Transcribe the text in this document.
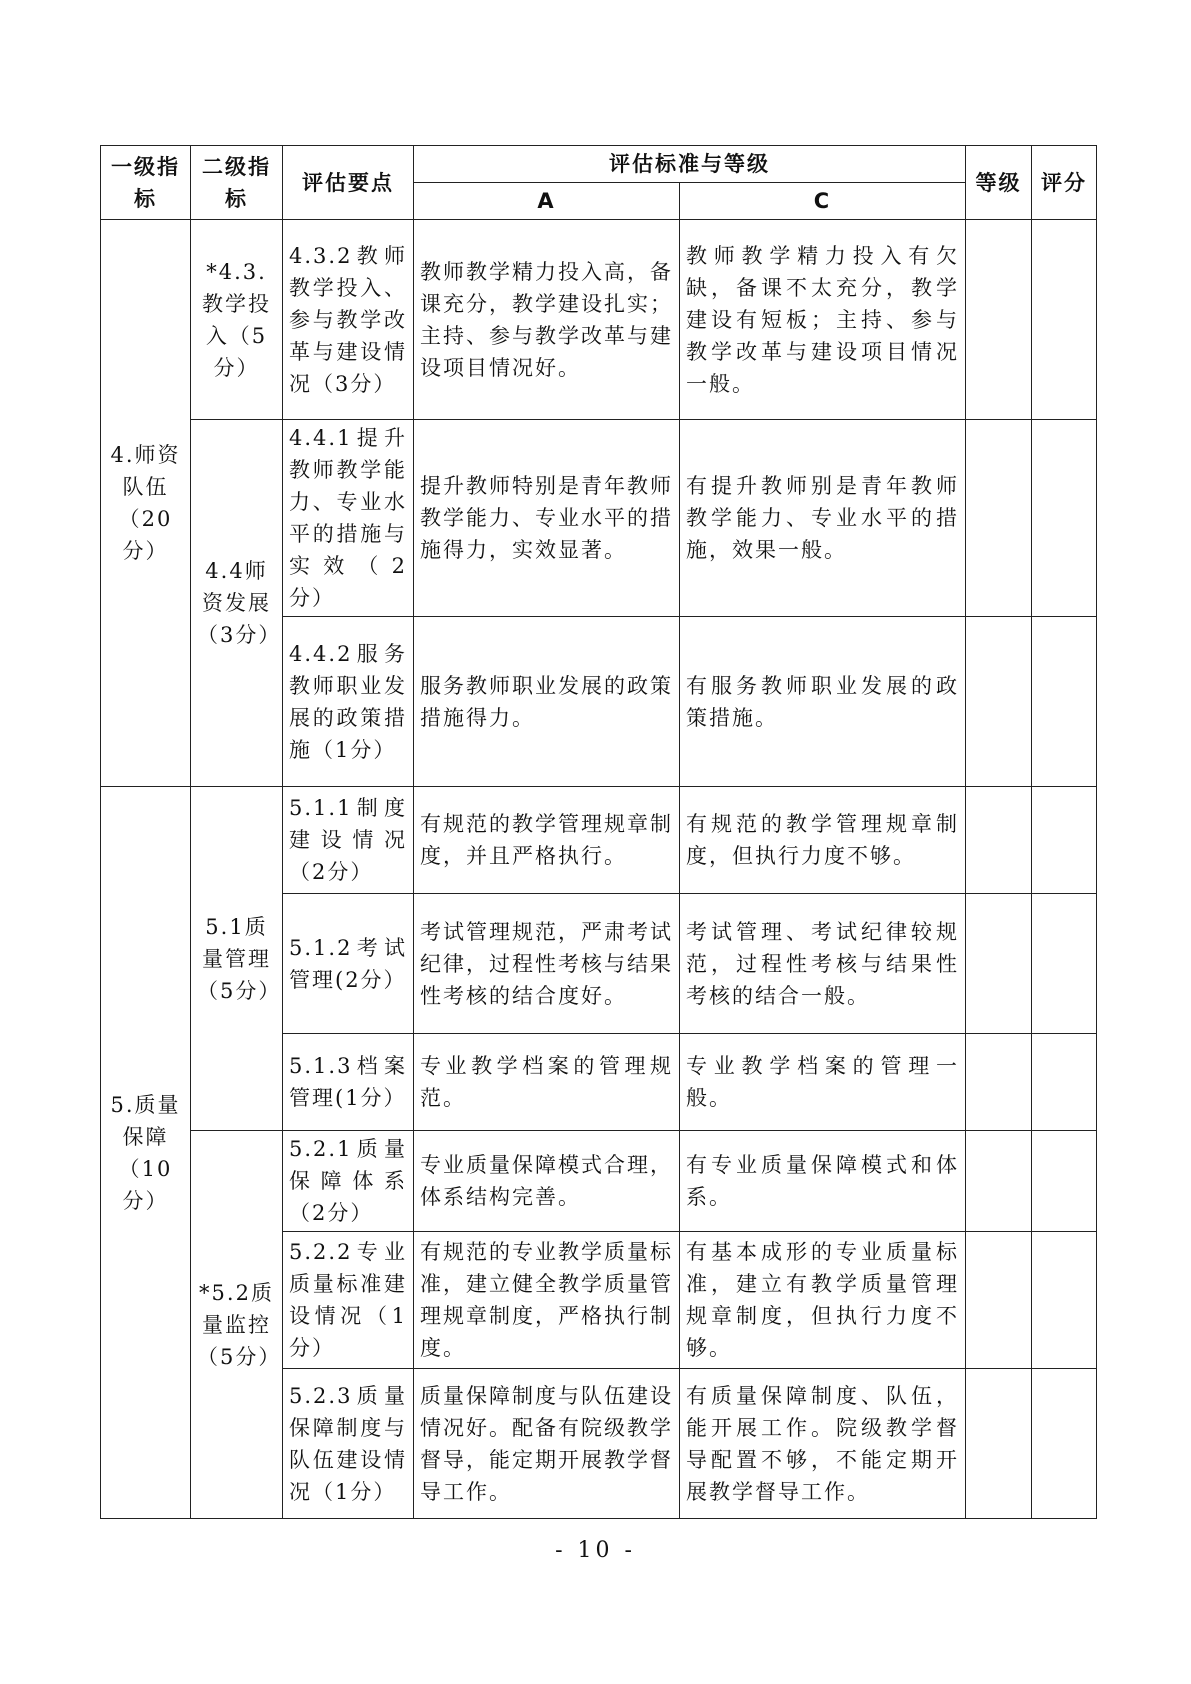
一级指标	二级指标	评估要点	评估标准与等级		等级	评分
			A	C		
4.师资队伍（20分）	*4.3.教学投入（5分）	4.3.2教师教学投入、参与教学改革与建设情况（3分）	教师教学精力投入高，备课充分，教学建设扎实；主持、参与教学改革与建设项目情况好。	教师教学精力投入有欠缺，备课不太充分，教学建设有短板；主持、参与教学改革与建设项目情况一般。		
	4.4师资发展（3分）	4.4.1提升教师教学能力、专业水平的措施与实效（2分）	提升教师特别是青年教师教学能力、专业水平的措施得力，实效显著。	有提升教师别是青年教师教学能力、专业水平的措施，效果一般。		
		4.4.2服务教师职业发展的政策措施（1分）	服务教师职业发展的政策措施得力。	有服务教师职业发展的政策措施。		
5.质量保障（10分）	5.1质量管理（5分）	5.1.1制度建设情况（2分）	有规范的教学管理规章制度，并且严格执行。	有规范的教学管理规章制度，但执行力度不够。		
		5.1.2考试管理(2分）	考试管理规范，严肃考试纪律，过程性考核与结果性考核的结合度好。	考试管理、考试纪律较规范，过程性考核与结果性考核的结合一般。		
		5.1.3档案管理(1分）	专业教学档案的管理规范。	专业教学档案的管理一般。		
	*5.2质量监控（5分）	5.2.1质量保障体系（2分）	专业质量保障模式合理，体系结构完善。	有专业质量保障模式和体系。		
		5.2.2专业质量标准建设情况（1分）	有规范的专业教学质量标准，建立健全教学质量管理规章制度，严格执行制度。	有基本成形的专业质量标准，建立有教学质量管理规章制度，但执行力度不够。		
		5.2.3质量保障制度与队伍建设情况（1分）	质量保障制度与队伍建设情况好。配备有院级教学督导，能定期开展教学督导工作。	有质量保障制度、队伍，能开展工作。院级教学督导配置不够，不能定期开展教学督导工作。		
- 10 -
